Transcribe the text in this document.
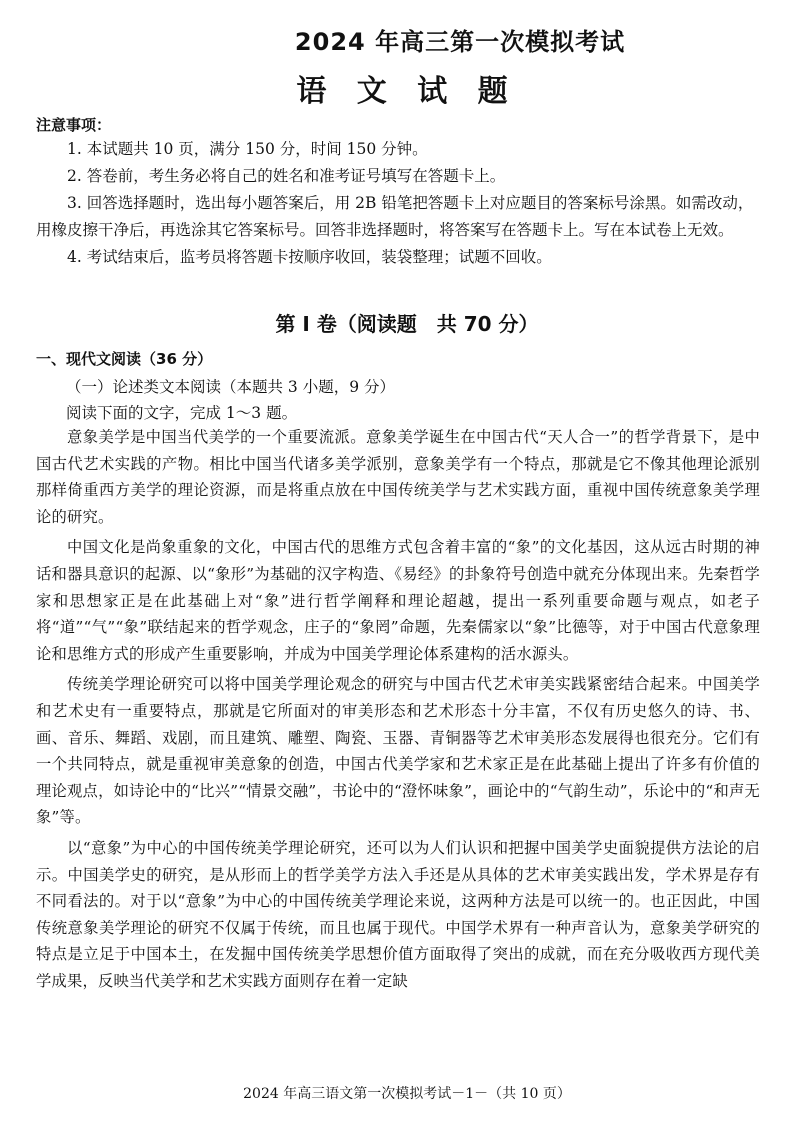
2024 年高三第一次模拟考试
语 文 试 题
注意事项：

1. 本试题共 10 页，满分 150 分，时间 150 分钟。

2. 答卷前，考生务必将自己的姓名和准考证号填写在答题卡上。

3. 回答选择题时，选出每小题答案后，用 2B 铅笔把答题卡上对应题目的答案标号涂黑。如需改动，用橡皮擦干净后，再选涂其它答案标号。回答非选择题时，将答案写在答题卡上。写在本试卷上无效。

4. 考试结束后，监考员将答题卡按顺序收回，装袋整理；试题不回收。

第 Ⅰ 卷（阅读题　共 70 分）
一、现代文阅读（36 分）
（一）论述类文本阅读（本题共 3 小题，9 分）
阅读下面的文字，完成 1～3 题。

意象美学是中国当代美学的一个重要流派。意象美学诞生在中国古代“天人合一”的哲学背景下，是中国古代艺术实践的产物。相比中国当代诸多美学派别，意象美学有一个特点，那就是它不像其他理论派别那样倚重西方美学的理论资源，而是将重点放在中国传统美学与艺术实践方面，重视中国传统意象美学理论的研究。

中国文化是尚象重象的文化，中国古代的思维方式包含着丰富的“象”的文化基因，这从远古时期的神话和器具意识的起源、以“象形”为基础的汉字构造、《易经》的卦象符号创造中就充分体现出来。先秦哲学家和思想家正是在此基础上对“象”进行哲学阐释和理论超越，提出一系列重要命题与观点，如老子将“道”“气”“象”联结起来的哲学观念，庄子的“象罔”命题，先秦儒家以“象”比德等，对于中国古代意象理论和思维方式的形成产生重要影响，并成为中国美学理论体系建构的活水源头。

传统美学理论研究可以将中国美学理论观念的研究与中国古代艺术审美实践紧密结合起来。中国美学和艺术史有一重要特点，那就是它所面对的审美形态和艺术形态十分丰富，不仅有历史悠久的诗、书、画、音乐、舞蹈、戏剧，而且建筑、雕塑、陶瓷、玉器、青铜器等艺术审美形态发展得也很充分。它们有一个共同特点，就是重视审美意象的创造，中国古代美学家和艺术家正是在此基础上提出了许多有价值的理论观点，如诗论中的“比兴”“情景交融”，书论中的“澄怀味象”，画论中的“气韵生动”，乐论中的“和声无象”等。

以“意象”为中心的中国传统美学理论研究，还可以为人们认识和把握中国美学史面貌提供方法论的启示。中国美学史的研究，是从形而上的哲学美学方法入手还是从具体的艺术审美实践出发，学术界是存有不同看法的。对于以“意象”为中心的中国传统美学理论来说，这两种方法是可以统一的。也正因此，中国传统意象美学理论的研究不仅属于传统，而且也属于现代。中国学术界有一种声音认为，意象美学研究的特点是立足于中国本土，在发掘中国传统美学思想价值方面取得了突出的成就，而在充分吸收西方现代美学成果，反映当代美学和艺术实践方面则存在着一定缺

2024 年高三语文第一次模拟考试－1－（共 10 页）
